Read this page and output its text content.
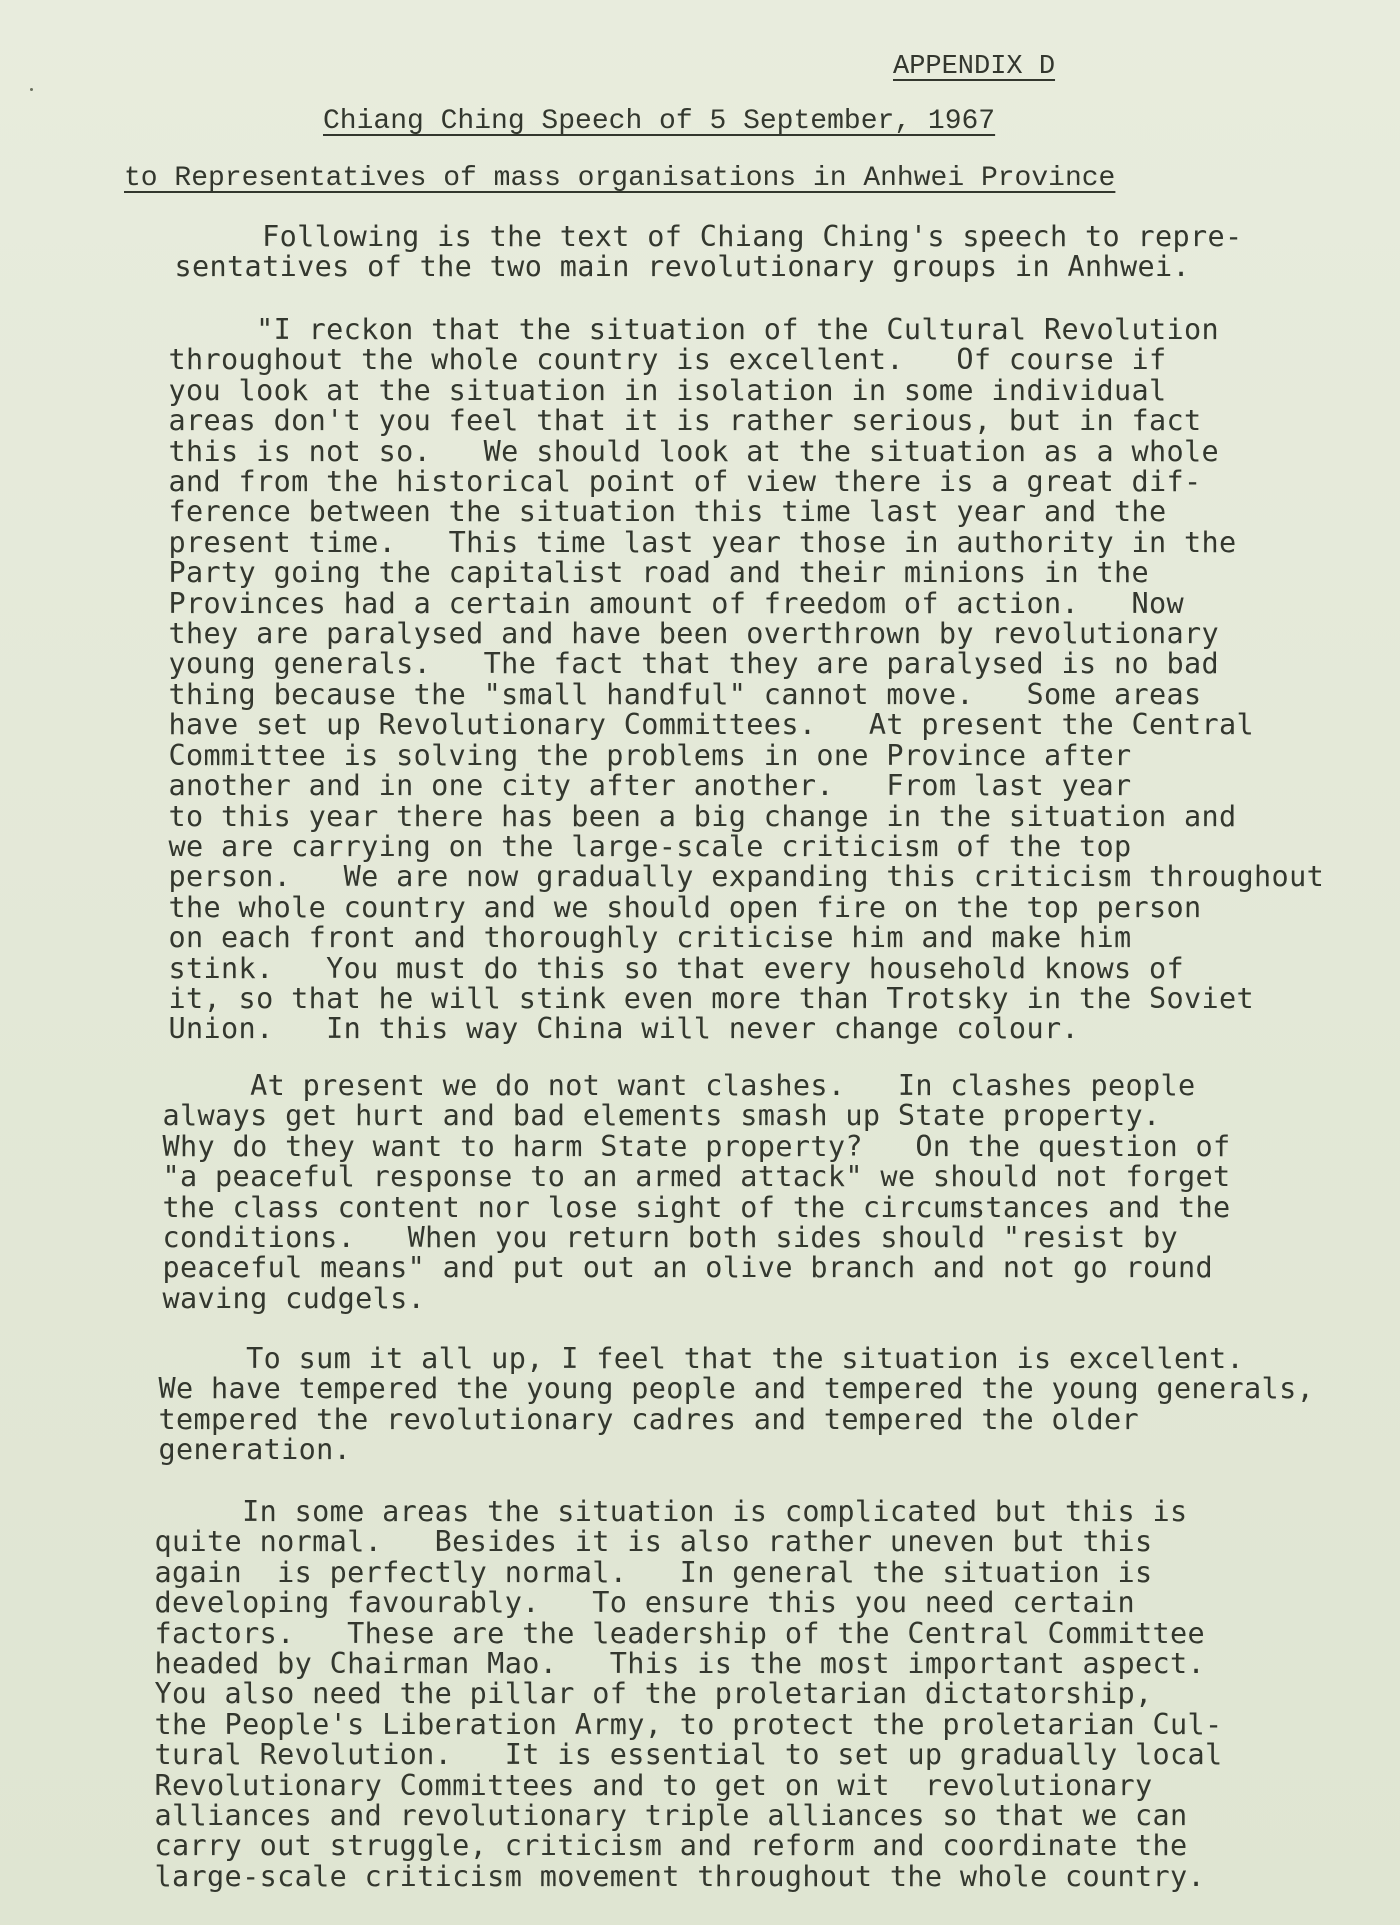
APPENDIX D
Chiang Ching Speech of 5 September, 1967
to Representatives of mass organisations in Anhwei Province
Following is the text of Chiang Ching's speech to repre-
sentatives of the two main revolutionary groups in Anhwei.
"I reckon that the situation of the Cultural Revolution
throughout the whole country is excellent.   Of course if
you look at the situation in isolation in some individual
areas don't you feel that it is rather serious, but in fact
this is not so.   We should look at the situation as a whole
and from the historical point of view there is a great dif-
ference between the situation this time last year and the
present time.   This time last year those in authority in the
Party going the capitalist road and their minions in the
Provinces had a certain amount of freedom of action.   Now
they are paralysed and have been overthrown by revolutionary
young generals.   The fact that they are paralysed is no bad
thing because the "small handful" cannot move.   Some areas
have set up Revolutionary Committees.   At present the Central
Committee is solving the problems in one Province after
another and in one city after another.   From last year
to this year there has been a big change in the situation and
we are carrying on the large-scale criticism of the top
person.   We are now gradually expanding this criticism throughout
the whole country and we should open fire on the top person
on each front and thoroughly criticise him and make him
stink.   You must do this so that every household knows of
it, so that he will stink even more than Trotsky in the Soviet
Union.   In this way China will never change colour.
At present we do not want clashes.   In clashes people
always get hurt and bad elements smash up State property.
Why do they want to harm State property?   On the question of
"a peaceful response to an armed attack" we should not forget
the class content nor lose sight of the circumstances and the
conditions.   When you return both sides should "resist by
peaceful means" and put out an olive branch and not go round
waving cudgels.
To sum it all up, I feel that the situation is excellent.
We have tempered the young people and tempered the young generals,
tempered the revolutionary cadres and tempered the older
generation.
In some areas the situation is complicated but this is
quite normal.   Besides it is also rather uneven but this
again  is perfectly normal.   In general the situation is
developing favourably.   To ensure this you need certain
factors.   These are the leadership of the Central Committee
headed by Chairman Mao.   This is the most important aspect.
You also need the pillar of the proletarian dictatorship,
the People's Liberation Army, to protect the proletarian Cul-
tural Revolution.   It is essential to set up gradually local
Revolutionary Committees and to get on wit  revolutionary
alliances and revolutionary triple alliances so that we can
carry out struggle, criticism and reform and coordinate the
large-scale criticism movement throughout the whole country.
